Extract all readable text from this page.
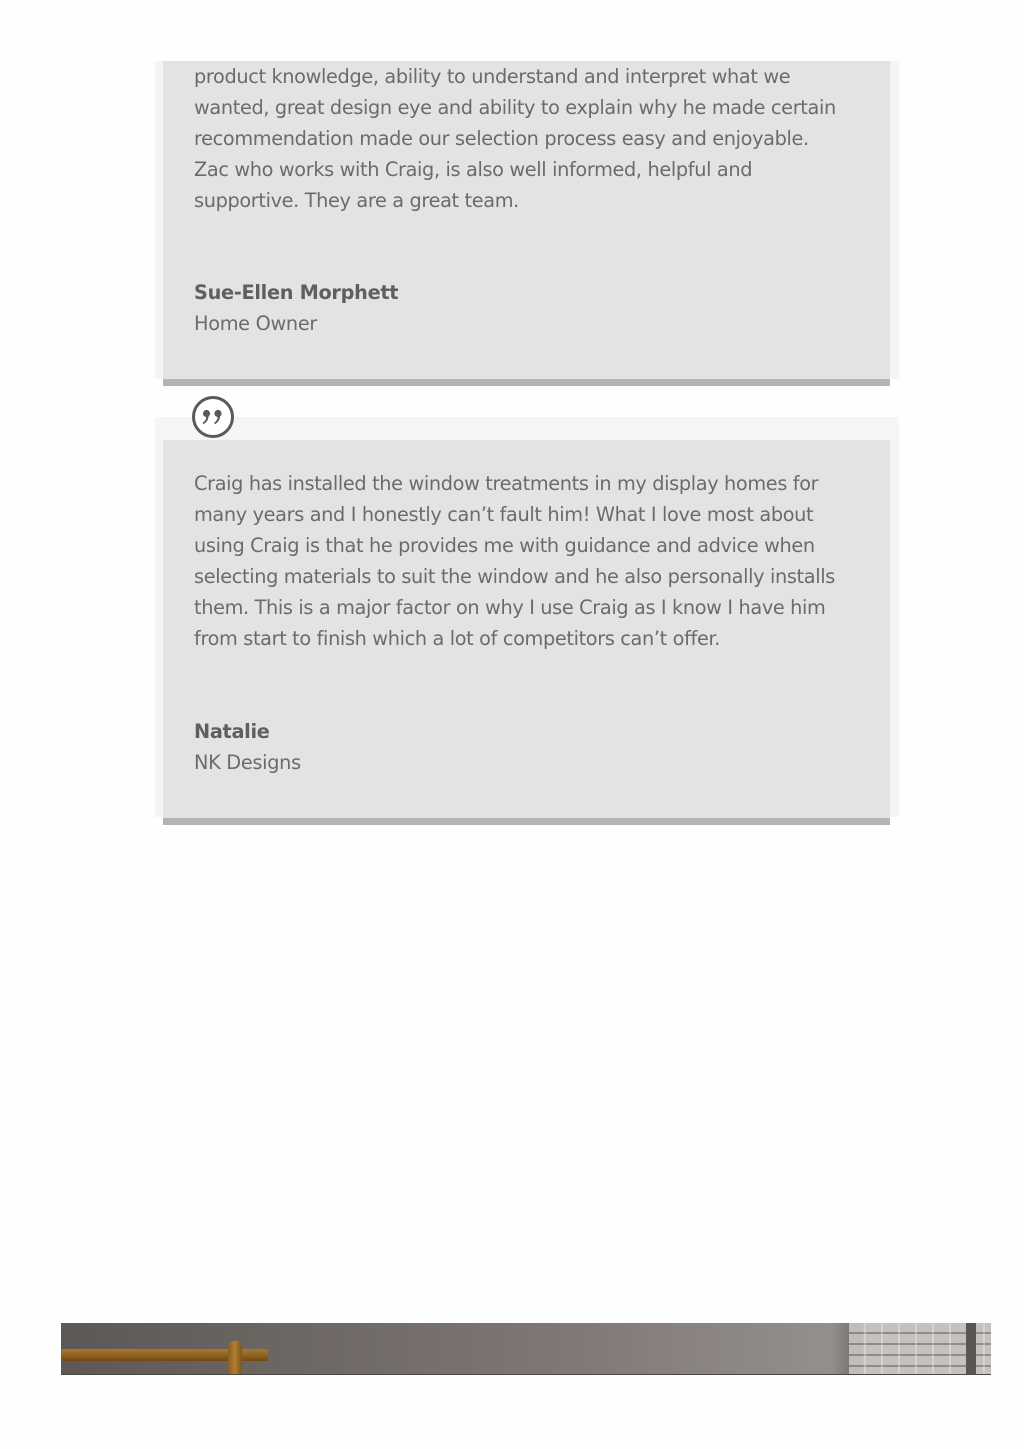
product knowledge, ability to understand and interpret what we

wanted, great design eye and ability to explain why he made certain

recommendation made our selection process easy and enjoyable.

Zac who works with Craig, is also well informed, helpful and

supportive. They are a great team.

Sue-Ellen Morphett
Home Owner

Craig has installed the window treatments in my display homes for

many years and I honestly can’t fault him! What I love most about

using Craig is that he provides me with guidance and advice when

selecting materials to suit the window and he also personally installs

them. This is a major factor on why I use Craig as I know I have him

from start to finish which a lot of competitors can’t offer.

Natalie
NK Designs
